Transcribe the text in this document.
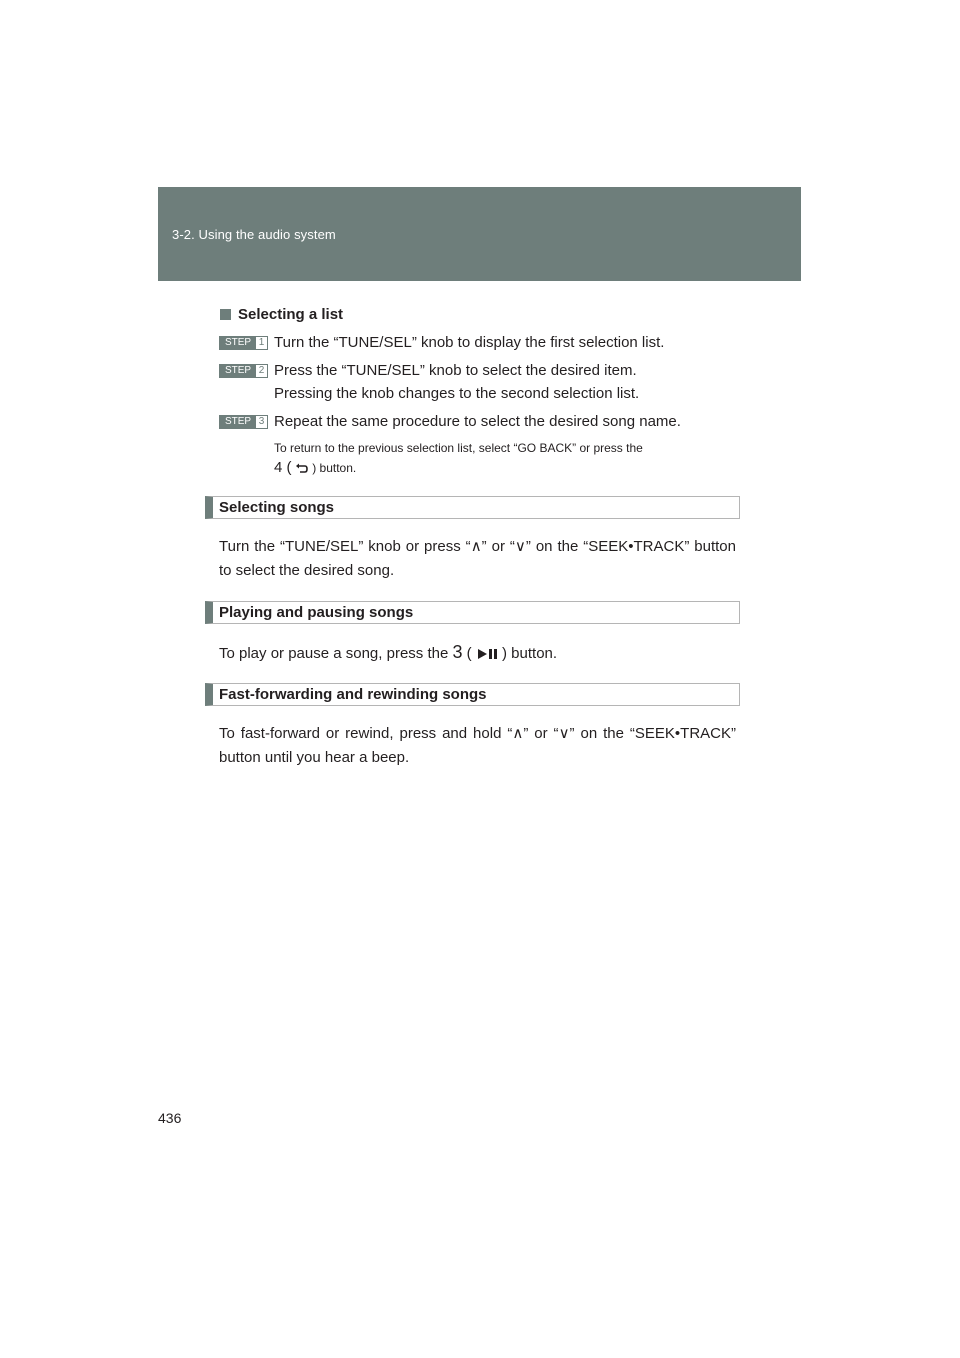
3-2. Using the audio system
Selecting a list
STEP 1 Turn the “TUNE/SEL” knob to display the first selection list.
STEP 2 Press the “TUNE/SEL” knob to select the desired item.
Pressing the knob changes to the second selection list.
STEP 3 Repeat the same procedure to select the desired song name.
To return to the previous selection list, select “GO BACK” or press the
4 ( ) button.
Selecting songs
Turn the “TUNE/SEL” knob or press “∧” or “∨” on the “SEEK•TRACK” button to select the desired song.
Playing and pausing songs
To play or pause a song, press the 3 ( ) button.
Fast-forwarding and rewinding songs
To fast-forward or rewind, press and hold “∧” or “∨” on the “SEEK•TRACK” button until you hear a beep.
436
